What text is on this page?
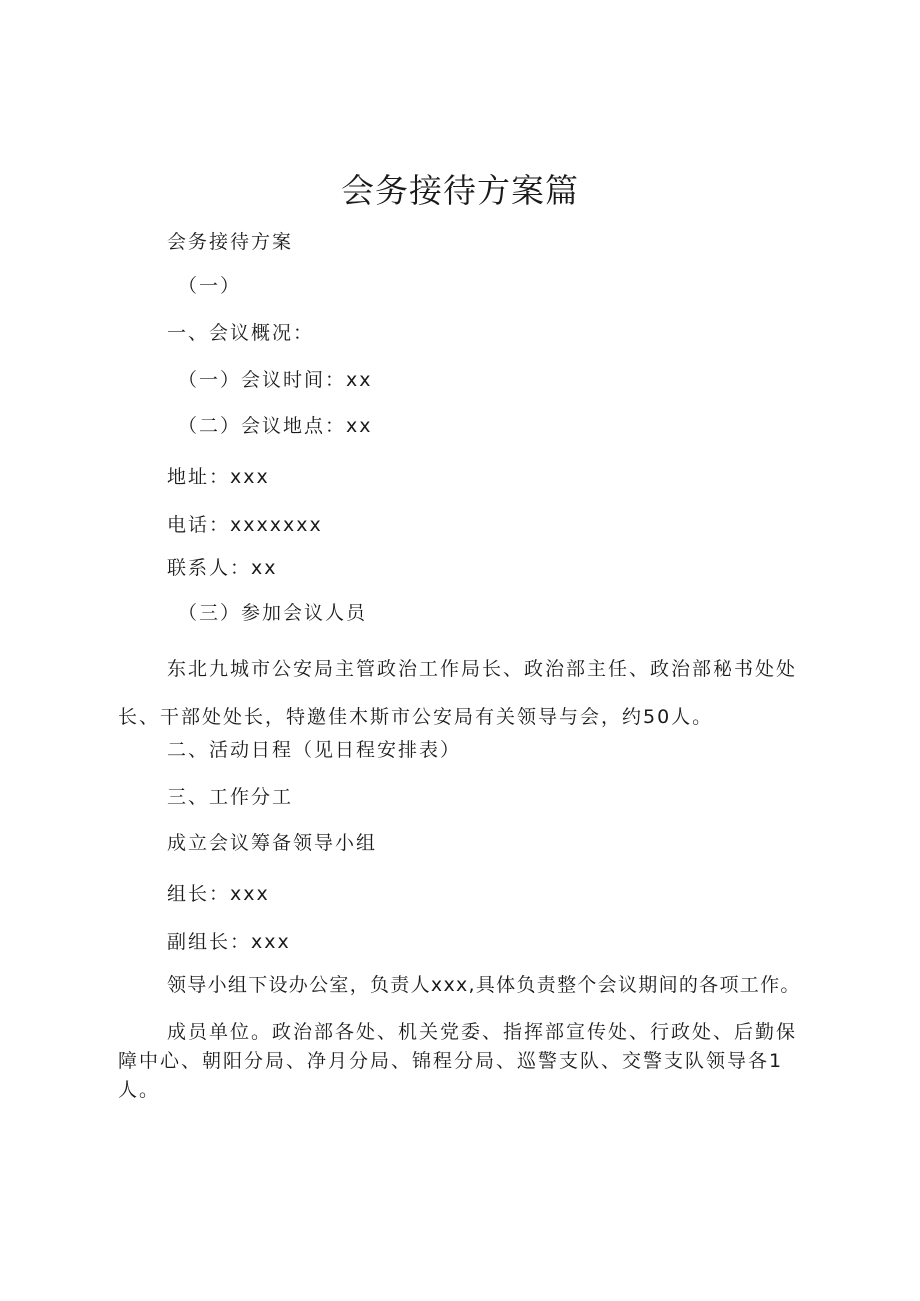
会务接待方案篇

会务接待方案

（一）

一、会议概况：

（一）会议时间：xx

（二）会议地点：xx

地址：xxx

电话：xxxxxxx

联系人：xx

（三）参加会议人员

东北九城市公安局主管政治工作局长、政治部主任、政治部秘书处处长、干部处处长，特邀佳木斯市公安局有关领导与会，约50人。

二、活动日程（见日程安排表）

三、工作分工

成立会议筹备领导小组

组长：xxx

副组长：xxx

领导小组下设办公室，负责人xxx,具体负责整个会议期间的各项工作。

成员单位。政治部各处、机关党委、指挥部宣传处、行政处、后勤保障中心、朝阳分局、净月分局、锦程分局、巡警支队、交警支队领导各1人。
